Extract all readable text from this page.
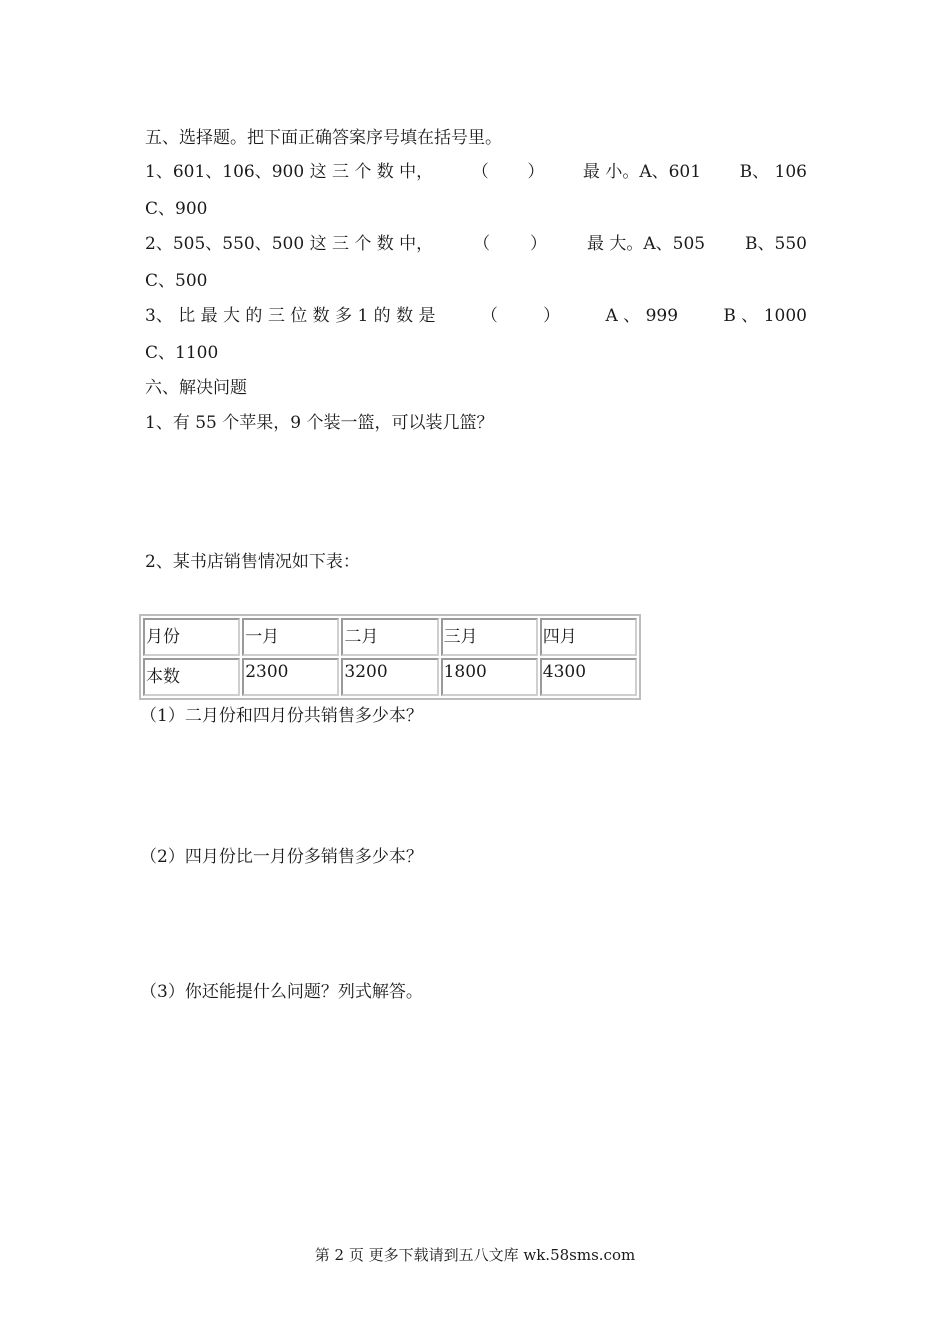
五、选择题。把下面正确答案序号填在括号里。
1、601、106、900 这 三 个 数 中， （ ） 最 小。A、601 B、 106
C、900
2、505、550、500 这 三 个 数 中， （ ） 最 大。A、505 B、550
C、500
3、 比 最 大 的 三 位 数 多 1 的 数 是	（	）	A 、 999	B 、 1000
C、1100
六、解决问题
1、有 55 个苹果，9 个装一篮，可以装几篮？
2、某书店销售情况如下表：
月份	一月	二月	三月	四月
本数	2300	3200	1800	4300
（1）二月份和四月份共销售多少本？
（2）四月份比一月份多销售多少本？
（3）你还能提什么问题？列式解答。
第 2 页 更多下载请到五八文库 wk.58sms.com
